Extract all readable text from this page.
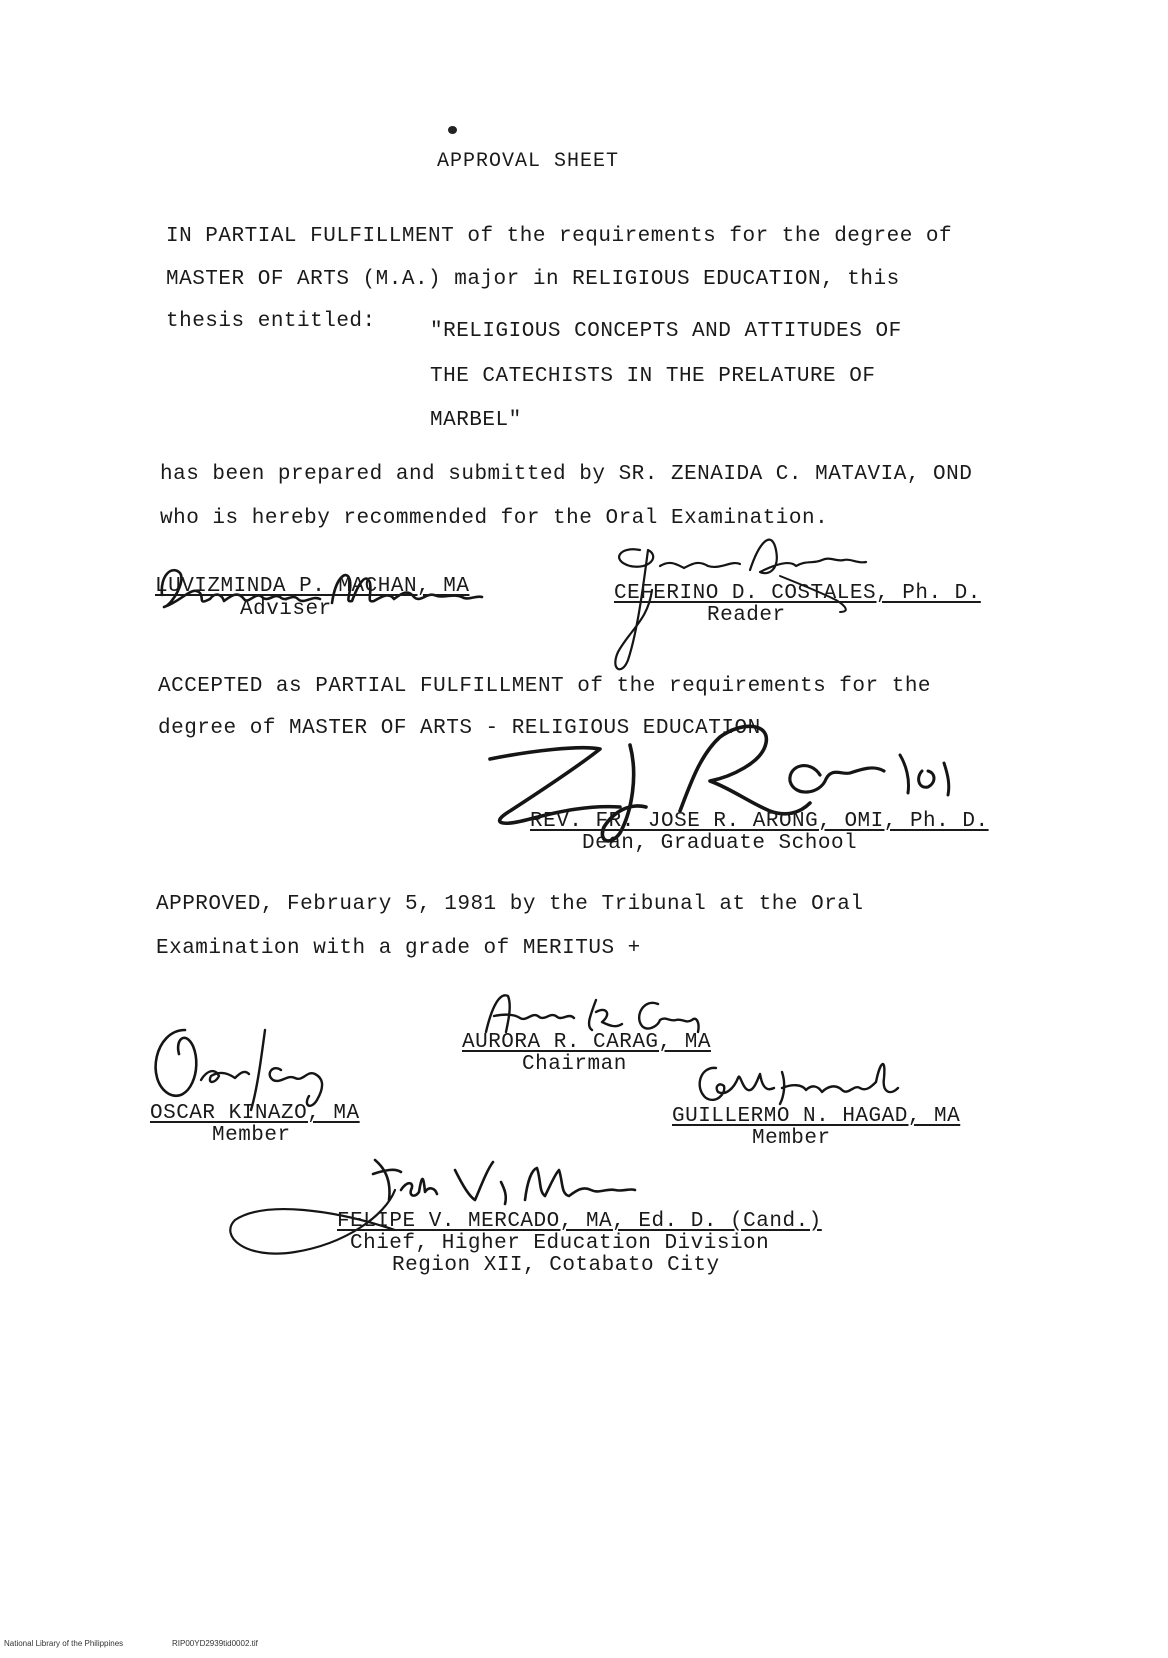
APPROVAL SHEET
IN PARTIAL FULFILLMENT of the requirements for the degree of
MASTER OF ARTS (M.A.) major in RELIGIOUS EDUCATION, this
thesis entitled:	"RELIGIOUS CONCEPTS AND ATTITUDES OF
THE CATECHISTS IN THE PRELATURE OF
MARBEL"
has been prepared and submitted by SR. ZENAIDA C. MATAVIA, OND
who is hereby recommended for the Oral Examination.
LUVIZMINDA P. MACHAN, MA
Adviser
CEFERINO D. COSTALES, Ph. D.
Reader
ACCEPTED as PARTIAL FULFILLMENT of the requirements for the
degree of MASTER OF ARTS - RELIGIOUS EDUCATION
REV. FR. JOSE R. ARONG, OMI, Ph. D.
Dean, Graduate School
APPROVED, February 5, 1981 by the Tribunal at the Oral
Examination with a grade of MERITUS +
AURORA R. CARAG, MA
Chairman
OSCAR KINAZO, MA
Member
GUILLERMO N. HAGAD, MA
Member
FELIPE V. MERCADO, MA, Ed. D. (Cand.)
Chief, Higher Education Division
Region XII, Cotabato City
National Library of the Philippines	RIP00YD2939tid0002.tif
